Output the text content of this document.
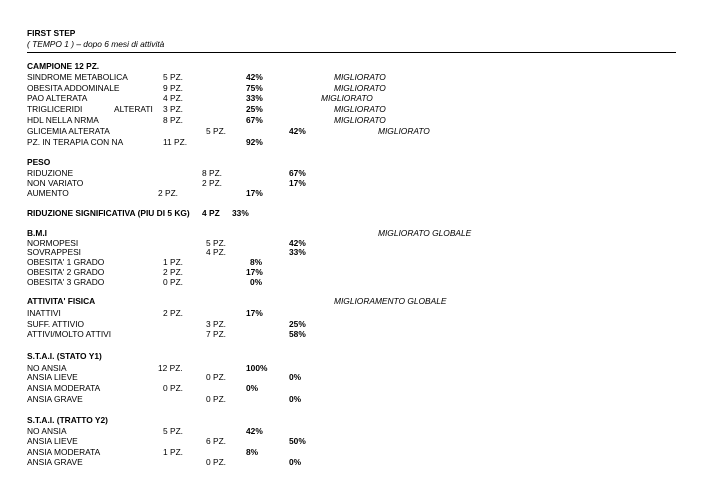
FIRST STEP
( TEMPO 1 ) – dopo 6 mesi di attività
CAMPIONE 12 PZ.
SINDROME METABOLICA	5 PZ.	42%	MIGLIORATO
OBESITA ADDOMINALE	9 PZ.	75%	MIGLIORATO
PAO ALTERATA	4 PZ.	33%	MIGLIORATO
TRIGLICERIDI	ALTERATI 3 PZ.	25%	MIGLIORATO
HDL NELLA NRMA	8 PZ.	67%	MIGLIORATO
GLICEMIA ALTERATA	5 PZ.	42%	MIGLIORATO
PZ. IN TERAPIA CON NA	11 PZ.	92%
PESO
RIDUZIONE	8 PZ.	67%
NON VARIATO	2 PZ.	17%
AUMENTO	2 PZ.	17%
RIDUZIONE SIGNIFICATIVA (PIU DI 5 KG) 4 PZ 33%
B.M.I	MIGLIORATO GLOBALE
NORMOPESI	5 PZ.	42%
SOVRAPPESI	4 PZ.	33%
OBESITA' 1 GRADO	1 PZ.	8%
OBESITA' 2 GRADO	2 PZ.	17%
OBESITA' 3 GRADO	0 PZ.	0%
ATTIVITA' FISICA	MIGLIORAMENTO GLOBALE
INATTIVI	2 PZ.	17%
SUFF. ATTIVIO	3 PZ.	25%
ATTIVI/MOLTO ATTIVI	7 PZ.	58%
S.T.A.I. (STATO Y1)
NO ANSIA	12 PZ.	100%
ANSIA LIEVE	0 PZ.	0%
ANSIA MODERATA	0 PZ.	0%
ANSIA GRAVE	0 PZ.	0%
S.T.A.I. (TRATTO Y2)
NO ANSIA	5 PZ.	42%
ANSIA LIEVE	6 PZ.	50%
ANSIA MODERATA	1 PZ.	8%
ANSIA GRAVE	0 PZ.	0%
